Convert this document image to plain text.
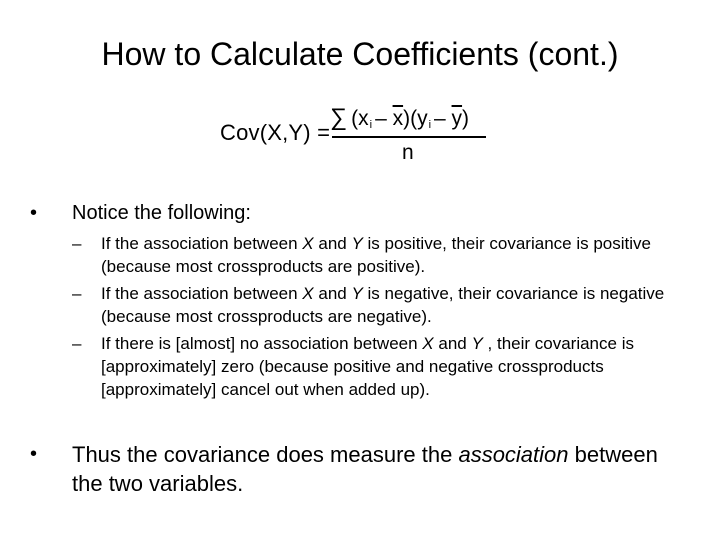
How to Calculate Coefficients (cont.)
Cov(X,Y) =
∑ $(x_i - \overline{x})(y_i - \overline{y})$
n
• Notice the following:
– If the association between X and Y is positive, their covariance is positive (because most crossproducts are positive).
– If the association between X and Y is negative, their covariance is negative (because most crossproducts are negative).
– If there is [almost] no association between X and Y , their covariance is [approximately] zero (because positive and negative crossproducts [approximately] cancel out when added up).
• Thus the covariance does measure the association between the two variables.
